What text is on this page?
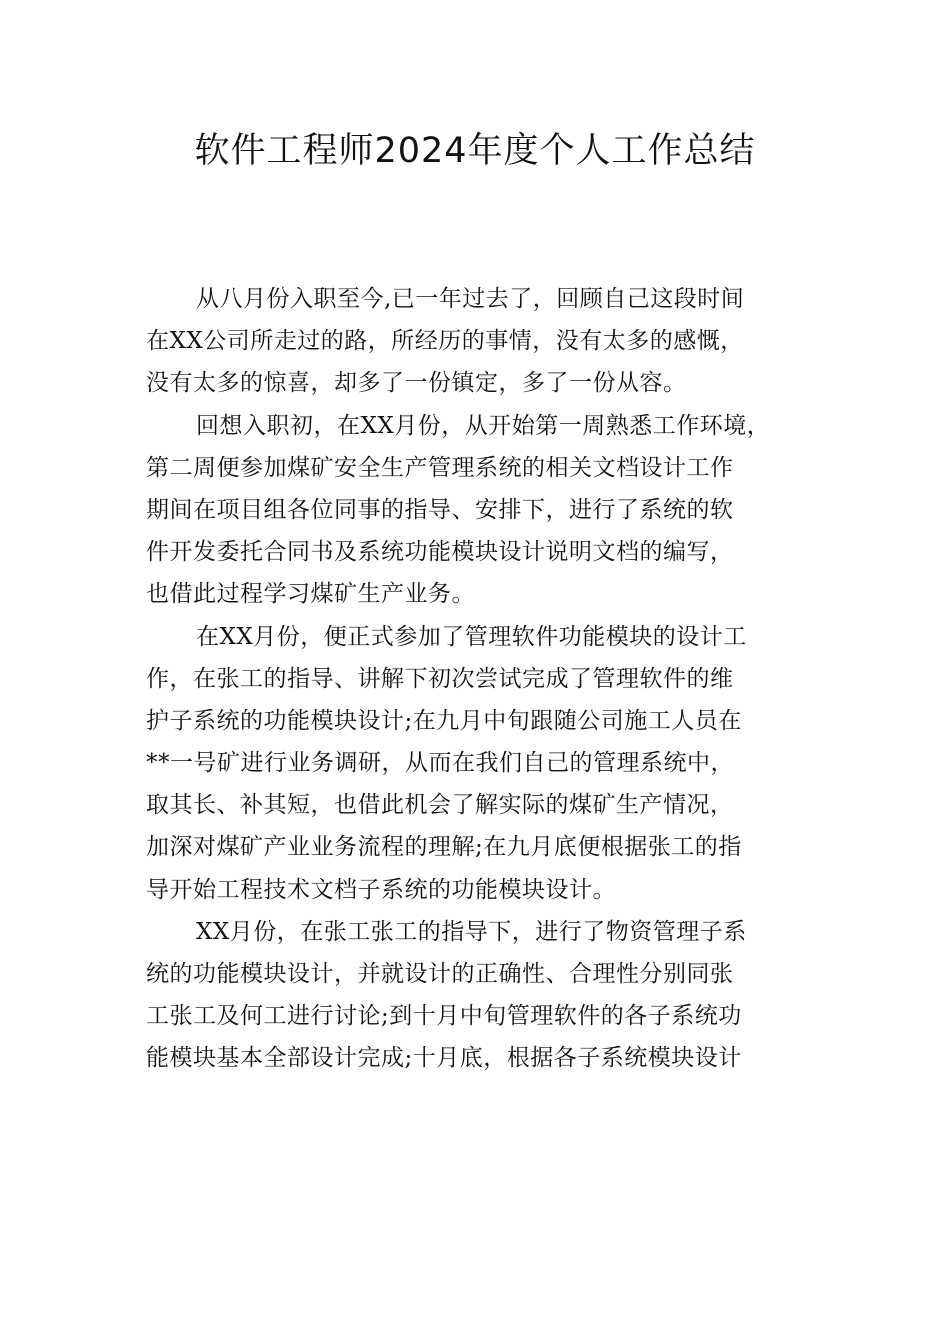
软件工程师2024年度个人工作总结
从八月份入职至今,已一年过去了，回顾自己这段时间
在XX公司所走过的路，所经历的事情，没有太多的感慨，
没有太多的惊喜，却多了一份镇定，多了一份从容。
回想入职初，在XX月份，从开始第一周熟悉工作环境，
第二周便参加煤矿安全生产管理系统的相关文档设计工作
期间在项目组各位同事的指导、安排下，进行了系统的软
件开发委托合同书及系统功能模块设计说明文档的编写，
也借此过程学习煤矿生产业务。
在XX月份，便正式参加了管理软件功能模块的设计工
作，在张工的指导、讲解下初次尝试完成了管理软件的维
护子系统的功能模块设计;在九月中旬跟随公司施工人员在
**一号矿进行业务调研，从而在我们自己的管理系统中，
取其长、补其短，也借此机会了解实际的煤矿生产情况，
加深对煤矿产业业务流程的理解;在九月底便根据张工的指
导开始工程技术文档子系统的功能模块设计。
XX月份，在张工张工的指导下，进行了物资管理子系
统的功能模块设计，并就设计的正确性、合理性分别同张
工张工及何工进行讨论;到十月中旬管理软件的各子系统功
能模块基本全部设计完成;十月底，根据各子系统模块设计
